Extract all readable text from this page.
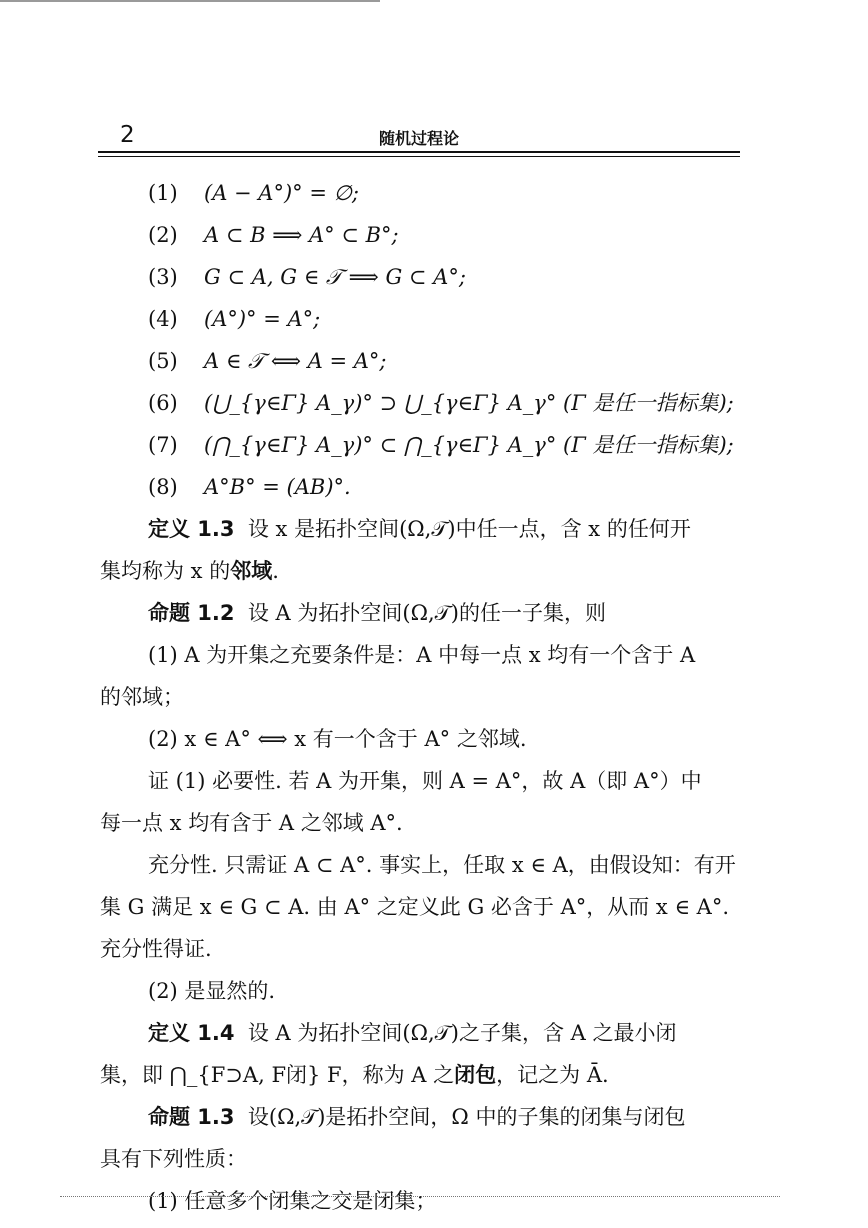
2	随机过程论
(1) (A − A°)° = ∅;
(2) A ⊂ B ⟹ A° ⊂ B°;
(3) G ⊂ A, G ∈ 𝒯 ⟹ G ⊂ A°;
(4) (A°)° = A°;
(5) A ∈ 𝒯 ⟺ A = A°;
(6) (⋃_{γ∈Γ} A_γ)° ⊃ ⋃_{γ∈Γ} A_γ° (Γ 是任一指标集);
(7) (⋂_{γ∈Γ} A_γ)° ⊂ ⋂_{γ∈Γ} A_γ° (Γ 是任一指标集);
(8) A°B° = (AB)°.
定义 1.3 设 x 是拓扑空间(Ω,𝒯)中任一点，含 x 的任何开
集均称为 x 的邻域.
命题 1.2 设 A 为拓扑空间(Ω,𝒯)的任一子集，则
(1) A 为开集之充要条件是：A 中每一点 x 均有一个含于 A
的邻域；
(2) x ∈ A° ⟺ x 有一个含于 A° 之邻域.
证 (1) 必要性. 若 A 为开集，则 A = A°，故 A（即 A°）中
每一点 x 均有含于 A 之邻域 A°.
充分性. 只需证 A ⊂ A°. 事实上，任取 x ∈ A，由假设知：有开
集 G 满足 x ∈ G ⊂ A. 由 A° 之定义此 G 必含于 A°，从而 x ∈ A°.
充分性得证.
(2) 是显然的.
定义 1.4 设 A 为拓扑空间(Ω,𝒯)之子集，含 A 之最小闭
集，即 ⋂_{F⊃A, F闭} F，称为 A 之闭包，记之为 Ā.
命题 1.3 设(Ω,𝒯)是拓扑空间，Ω 中的子集的闭集与闭包
具有下列性质：
(1) 任意多个闭集之交是闭集；
